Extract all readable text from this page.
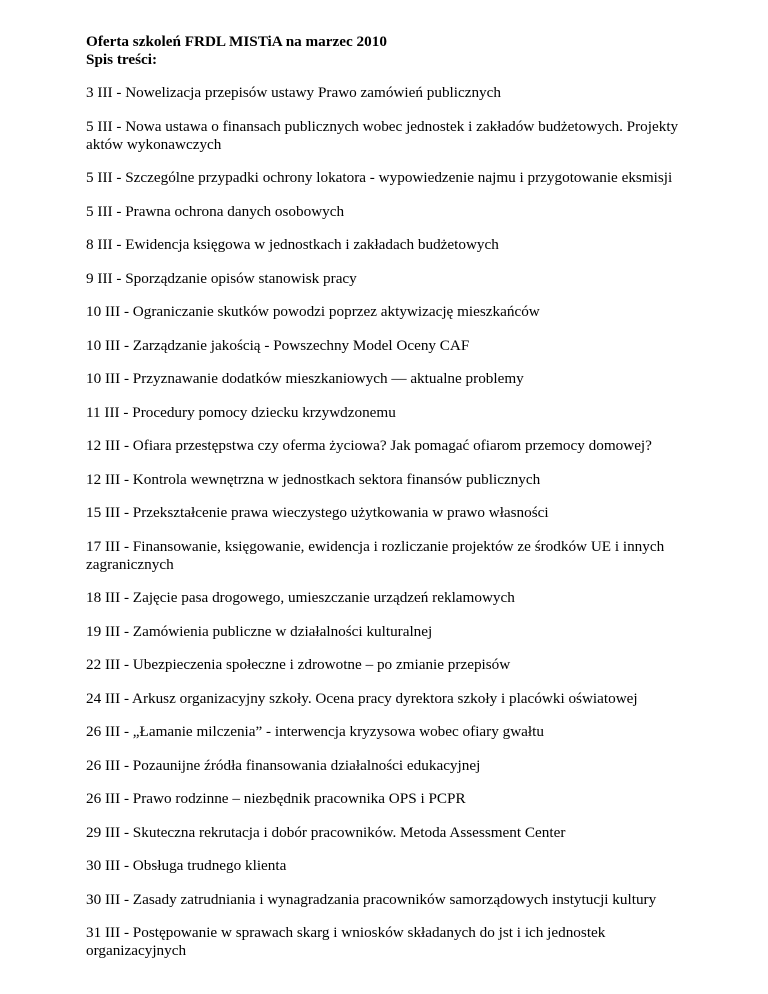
Oferta szkoleń FRDL MISTiA na marzec 2010

Spis treści:

3 III - Nowelizacja przepisów ustawy Prawo zamówień publicznych
5 III - Nowa ustawa o finansach publicznych wobec jednostek i zakładów budżetowych. Projekty aktów wykonawczych
5 III - Szczególne przypadki ochrony lokatora - wypowiedzenie najmu i przygotowanie eksmisji
5 III - Prawna ochrona danych osobowych
8 III - Ewidencja księgowa w jednostkach i zakładach budżetowych
9 III - Sporządzanie opisów stanowisk pracy
10 III - Ograniczanie skutków powodzi poprzez aktywizację mieszkańców
10 III - Zarządzanie jakością - Powszechny Model Oceny CAF
10 III - Przyznawanie dodatków mieszkaniowych — aktualne problemy
11 III - Procedury pomocy dziecku krzywdzonemu
12 III - Ofiara przestępstwa czy oferma życiowa? Jak pomagać ofiarom przemocy domowej?
12 III - Kontrola wewnętrzna w jednostkach sektora finansów publicznych
15 III - Przekształcenie prawa wieczystego użytkowania w prawo własności
17 III - Finansowanie, księgowanie, ewidencja i rozliczanie projektów ze środków UE i innych zagranicznych
18 III - Zajęcie pasa drogowego, umieszczanie urządzeń reklamowych
19 III - Zamówienia publiczne w działalności kulturalnej
22 III - Ubezpieczenia społeczne i zdrowotne – po zmianie przepisów
24 III - Arkusz organizacyjny szkoły. Ocena pracy dyrektora szkoły i placówki oświatowej
26 III - „Łamanie milczenia” - interwencja kryzysowa wobec ofiary gwałtu
26 III - Pozaunijne źródła finansowania działalności edukacyjnej
26 III - Prawo rodzinne – niezbędnik pracownika OPS i PCPR
29 III - Skuteczna rekrutacja i dobór pracowników. Metoda Assessment Center
30 III - Obsługa trudnego klienta
30 III - Zasady zatrudniania i wynagradzania pracowników samorządowych instytucji kultury
31 III - Postępowanie w sprawach skarg i wniosków składanych do jst i ich jednostek organizacyjnych
